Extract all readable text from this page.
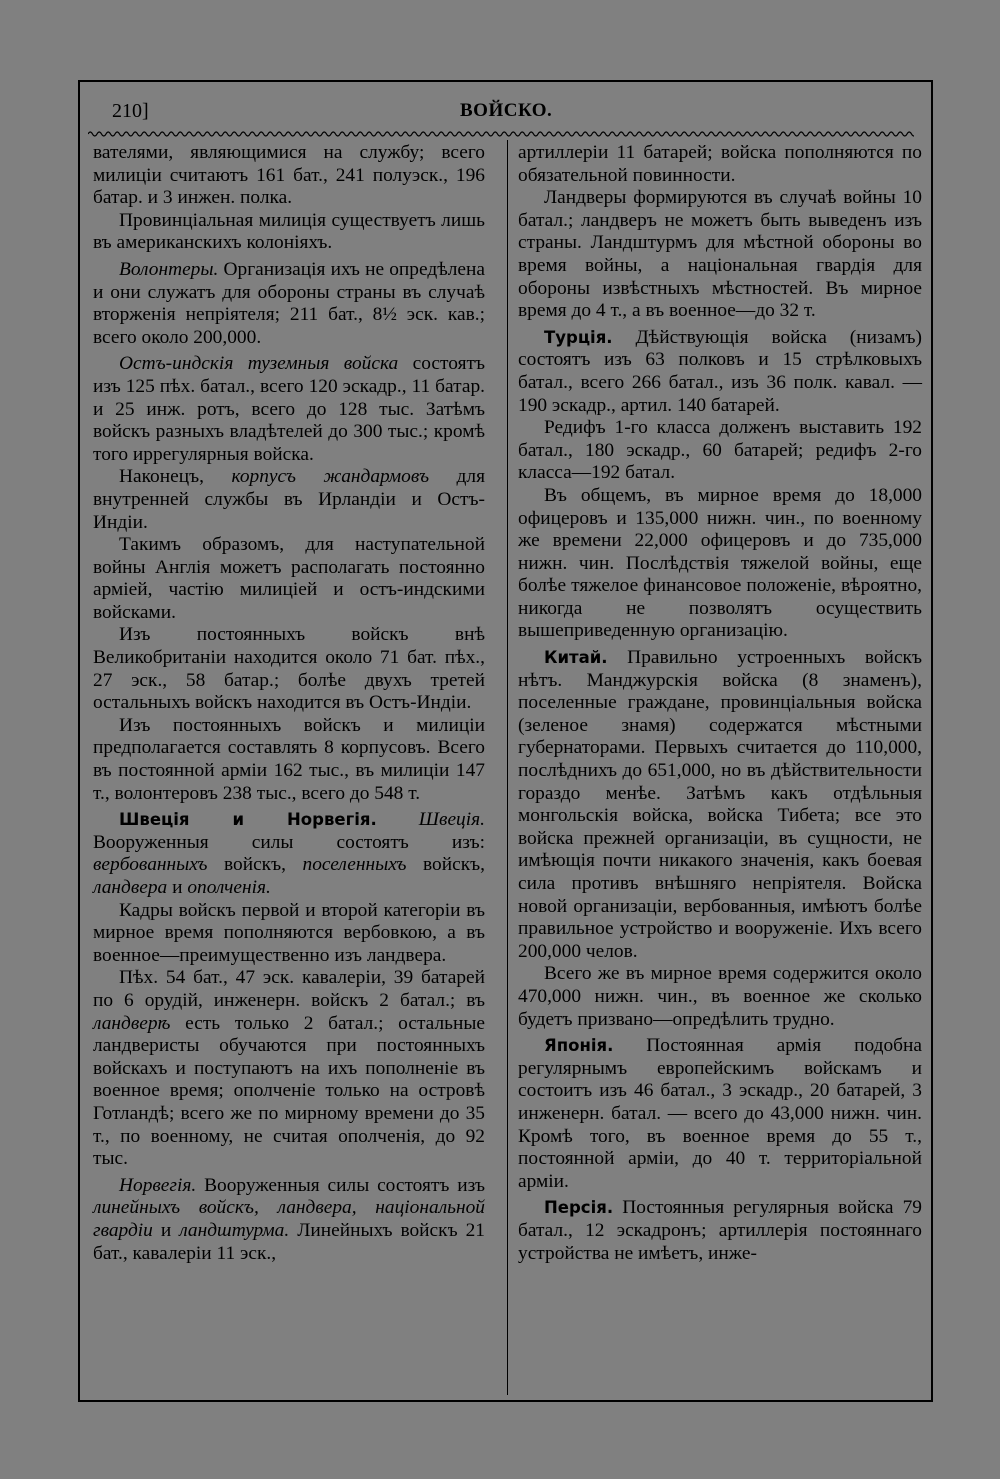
210]	ВОЙСКО.

вателями, являющимися на службу; всего милиціи считаютъ 161 бат., 241 полуэск., 196 батар. и 3 инжен. полка.

Провинціальная милиція существуетъ лишь въ американскихъ колоніяхъ.

Волонтеры. Организація ихъ не опредѣлена и они служатъ для обороны страны въ случаѣ вторженія непріятеля; 211 бат., 8½ эск. кав.; всего около 200,000.

Остъ-индскія туземныя войска состоятъ изъ 125 пѣх. батал., всего 120 эскадр., 11 батар. и 25 инж. ротъ, всего до 128 тыс. Затѣмъ войскъ разныхъ владѣтелей до 300 тыс.; кромѣ того иррегулярныя войска.

Наконецъ, корпусъ жандармовъ для внутренней службы въ Ирландіи и Остъ-Индіи.

Такимъ образомъ, для наступательной войны Англія можетъ располагать постоянно арміей, частію милиціей и остъ-индскими войсками.

Изъ постоянныхъ войскъ внѣ Великобританіи находится около 71 бат. пѣх., 27 эск., 58 батар.; болѣе двухъ третей остальныхъ войскъ находится въ Остъ-Индіи.

Изъ постоянныхъ войскъ и милиціи предполагается составлять 8 корпусовъ. Всего въ постоянной арміи 162 тыс., въ милиціи 147 т., волонтеровъ 238 тыс., всего до 548 т.

Швеція и Норвегія. Швеція. Вооруженныя силы состоятъ изъ: вербованныхъ войскъ, поселенныхъ войскъ, ландвера и ополченія.

Кадры войскъ первой и второй категоріи въ мирное время пополняются вербовкою, а въ военное—преимущественно изъ ландвера.

Пѣх. 54 бат., 47 эск. кавалеріи, 39 батарей по 6 орудій, инженерн. войскъ 2 батал.; въ ландверѣ есть только 2 батал.; остальные ландверисты обучаются при постоянныхъ войскахъ и поступаютъ на ихъ пополненіе въ военное время; ополченіе только на островѣ Готландѣ; всего же по мирному времени до 35 т., по военному, не считая ополченія, до 92 тыс.

Норвегія. Вооруженныя силы состоятъ изъ линейныхъ войскъ, ландвера, національной гвардіи и ландштурма. Линейныхъ войскъ 21 бат., кавалеріи 11 эск.,

артиллеріи 11 батарей; войска пополняются по обязательной повинности.

Ландверы формируются въ случаѣ войны 10 батал.; ландверъ не можетъ быть выведенъ изъ страны. Ландштурмъ для мѣстной обороны во время войны, а національная гвардія для обороны извѣстныхъ мѣстностей. Въ мирное время до 4 т., а въ военное—до 32 т.

Турція. Дѣйствующія войска (низамъ) состоятъ изъ 63 полковъ и 15 стрѣлковыхъ батал., всего 266 батал., изъ 36 полк. кавал. — 190 эскадр., артил. 140 батарей.

Редифъ 1-го класса долженъ выставить 192 батал., 180 эскадр., 60 батарей; редифъ 2-го класса—192 батал.

Въ общемъ, въ мирное время до 18,000 офицеровъ и 135,000 нижн. чин., по военному же времени 22,000 офицеровъ и до 735,000 нижн. чин. Послѣдствія тяжелой войны, еще болѣе тяжелое финансовое положеніе, вѣроятно, никогда не позволятъ осуществить вышеприведенную организацію.

Китай. Правильно устроенныхъ войскъ нѣтъ. Манджурскія войска (8 знаменъ), поселенные граждане, провинціальныя войска (зеленое знамя) содержатся мѣстными губернаторами. Первыхъ считается до 110,000, послѣднихъ до 651,000, но въ дѣйствительности гораздо менѣе. Затѣмъ какъ отдѣльныя монгольскія войска, войска Тибета; все это войска прежней организаціи, въ сущности, не имѣющія почти никакого значенія, какъ боевая сила противъ внѣшняго непріятеля. Войска новой организаціи, вербованныя, имѣютъ болѣе правильное устройство и вооруженіе. Ихъ всего 200,000 челов.

Всего же въ мирное время содержится около 470,000 нижн. чин., въ военное же сколько будетъ призвано—опредѣлить трудно.

Японія. Постоянная армія подобна регулярнымъ европейскимъ войскамъ и состоитъ изъ 46 батал., 3 эскадр., 20 батарей, 3 инженерн. батал. — всего до 43,000 нижн. чин. Кромѣ того, въ военное время до 55 т., постоянной арміи, до 40 т. территоріальной арміи.

Персія. Постоянныя регулярныя войска 79 батал., 12 эскадронъ; артиллерія постояннаго устройства не имѣетъ, инже-
